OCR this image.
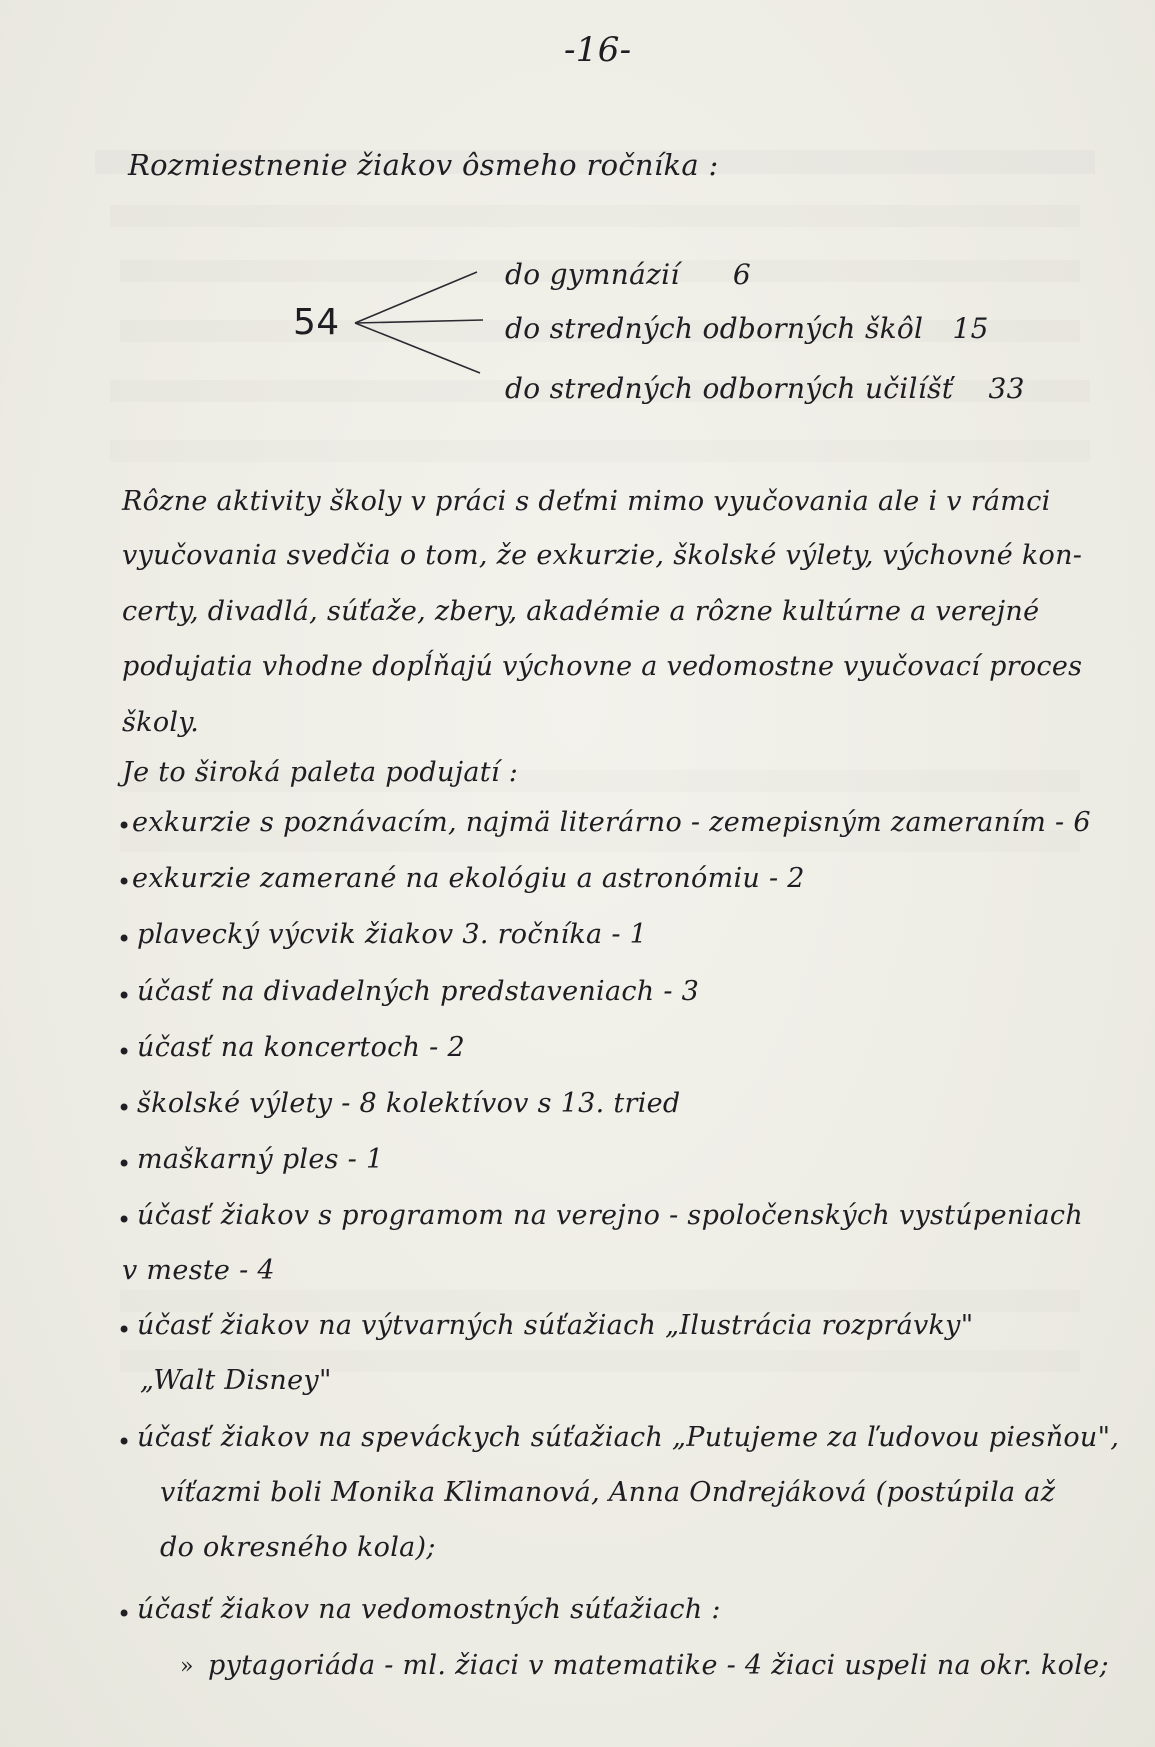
-16-
Rozmiestnenie žiakov ôsmeho ročníka :
54
do gymnázií 6
do stredných odborných škôl 15
do stredných odborných učilíšť 33
Rôzne aktivity školy v práci s deťmi mimo vyučovania ale i v rámci
vyučovania svedčia o tom, že exkurzie, školské výlety, výchovné kon-
certy, divadlá, súťaže, zbery, akadémie a rôzne kultúrne a verejné
podujatia vhodne dopĺňajú výchovne a vedomostne vyučovací proces
školy.
Je to široká paleta podujatí :
• exkurzie s poznávacím, najmä literárno - zemepisným zameraním - 6
• exkurzie zamerané na ekológiu a astronómiu - 2
• plavecký výcvik žiakov 3. ročníka - 1
• účasť na divadelných predstaveniach - 3
• účasť na koncertoch - 2
• školské výlety - 8 kolektívov s 13. tried
• maškarný ples - 1
• účasť žiakov s programom na verejno - spoločenských vystúpeniach
v meste - 4
• účasť žiakov na výtvarných súťažiach „Ilustrácia rozprávky"
„Walt Disney"
• účasť žiakov na speváckych súťažiach „Putujeme za ľudovou piesňou",
víťazmi boli Monika Klimanová, Anna Ondrejáková (postúpila až
do okresného kola);
• účasť žiakov na vedomostných súťažiach :
» pytagoriáda - ml. žiaci v matematike - 4 žiaci uspeli na okr. kole;
